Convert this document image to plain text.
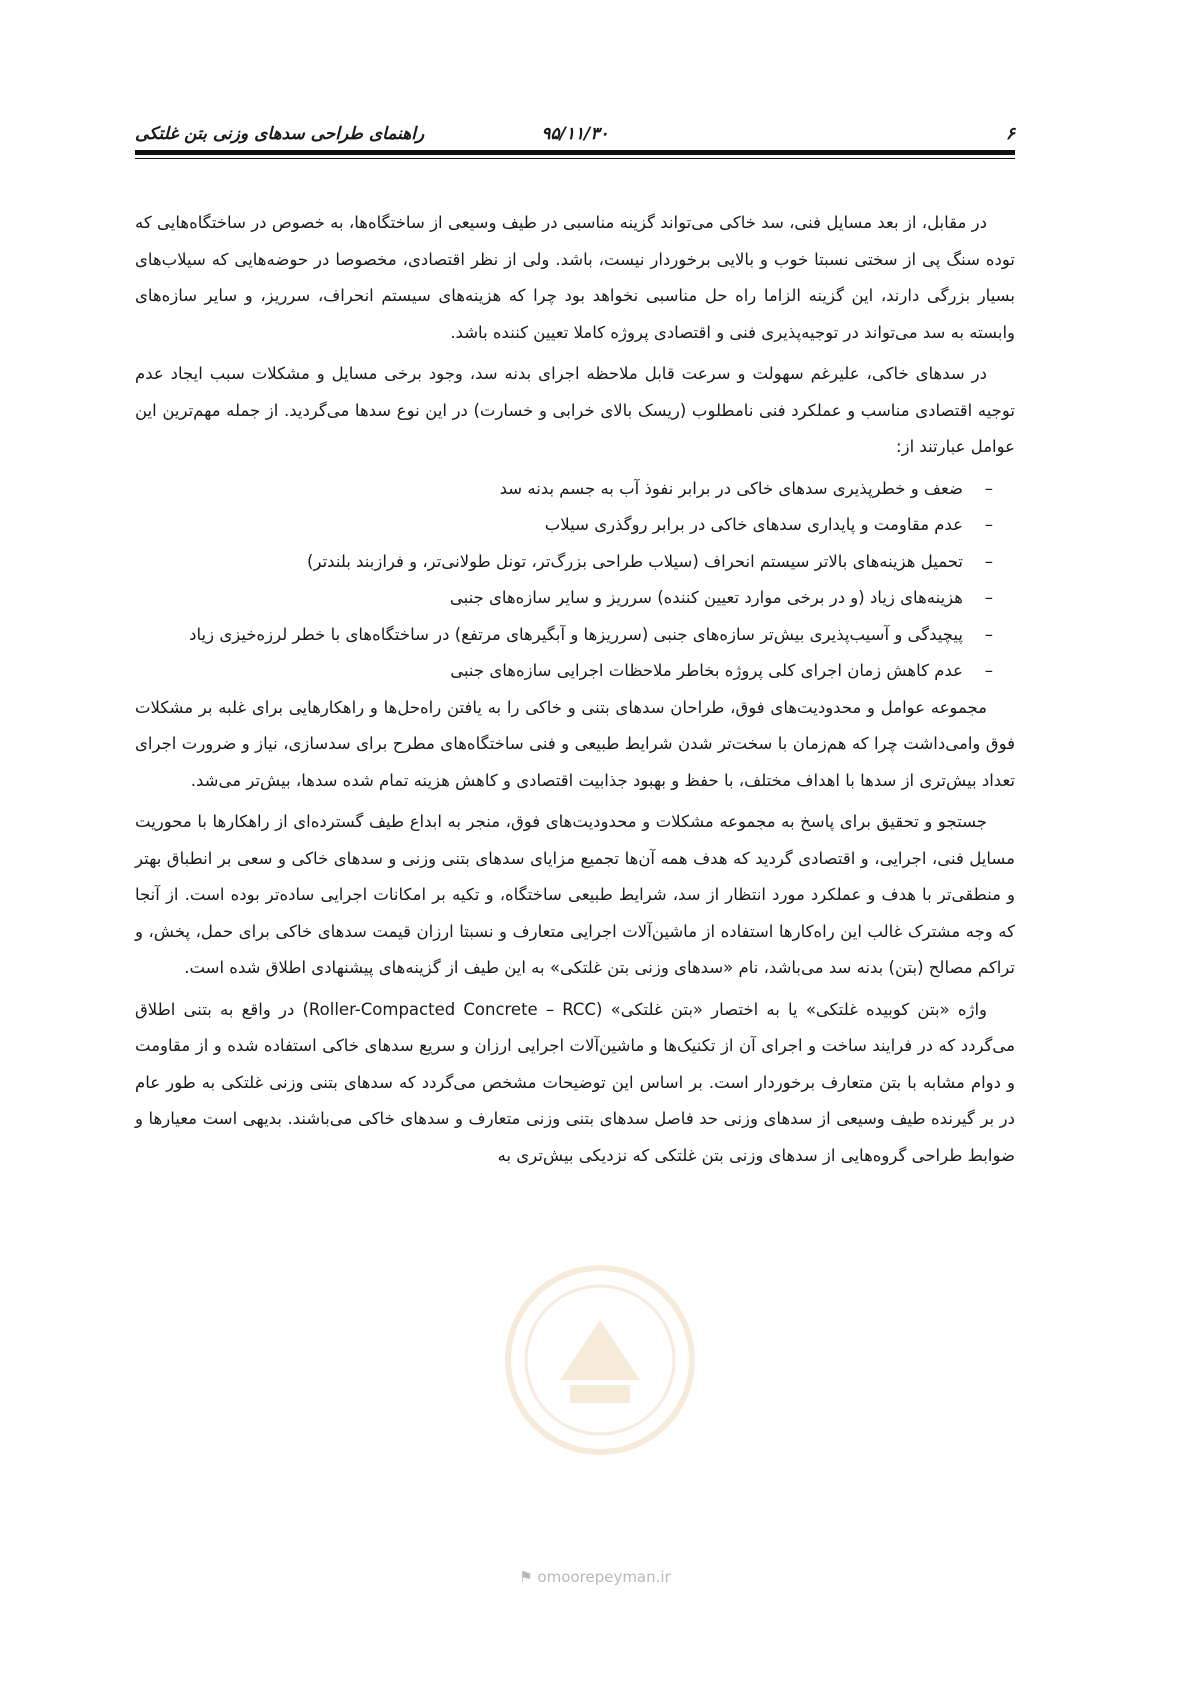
۶
۹۵/۱۱/۳۰
راهنمای طراحی سدهای وزنی بتن غلتکی

در مقابل، از بعد مسایل فنی، سد خاکی می‌تواند گزینه مناسبی در طیف وسیعی از ساختگاه‌ها، به خصوص در ساختگاه‌هایی که توده سنگ پی از سختی نسبتا خوب و بالایی برخوردار نیست، باشد. ولی از نظر اقتصادی، مخصوصا در حوضه‌هایی که سیلاب‌های بسیار بزرگی دارند، این گزینه الزاما راه حل مناسبی نخواهد بود چرا که هزینه‌های سیستم انحراف، سرریز، و سایر سازه‌های وابسته به سد می‌تواند در توجیه‌پذیری فنی و اقتصادی پروژه کاملا تعیین کننده باشد.

در سدهای خاکی، علیرغم سهولت و سرعت قابل ملاحظه اجرای بدنه سد، وجود برخی مسایل و مشکلات سبب ایجاد عدم توجیه اقتصادی مناسب و عملکرد فنی نامطلوب (ریسک بالای خرابی و خسارت) در این نوع سدها می‌گردید. از جمله مهم‌ترین این عوامل عبارتند از:

–
ضعف و خطرپذیری سدهای خاکی در برابر نفوذ آب به جسم بدنه سد
–
عدم مقاومت و پایداری سدهای خاکی در برابر روگذری سیلاب
–
تحمیل هزینه‌های بالاتر سیستم انحراف (سیلاب طراحی بزرگ‌تر، تونل طولانی‌تر، و فرازبند بلندتر)
–
هزینه‌های زیاد (و در برخی موارد تعیین کننده) سرریز و سایر سازه‌های جنبی
–
پیچیدگی و آسیب‌پذیری بیش‌تر سازه‌های جنبی (سرریزها و آبگیرهای مرتفع) در ساختگاه‌های با خطر لرزه‌خیزی زیاد
–
عدم کاهش زمان اجرای کلی پروژه بخاطر ملاحظات اجرایی سازه‌های جنبی

مجموعه عوامل و محدودیت‌های فوق، طراحان سدهای بتنی و خاکی را به یافتن راه‌حل‌ها و راهکارهایی برای غلبه بر مشکلات فوق وامی‌داشت چرا که هم‌زمان با سخت‌تر شدن شرایط طبیعی و فنی ساختگاه‌های مطرح برای سدسازی، نیاز و ضرورت اجرای تعداد بیش‌تری از سدها با اهداف مختلف، با حفظ و بهبود جذابیت اقتصادی و کاهش هزینه تمام شده سدها، بیش‌تر می‌شد.

جستجو و تحقیق برای پاسخ به مجموعه مشکلات و محدودیت‌های فوق، منجر به ابداع طیف گسترده‌ای از راهکارها با محوریت مسایل فنی، اجرایی، و اقتصادی گردید که هدف همه آن‌ها تجمیع مزایای سدهای بتنی وزنی و سدهای خاکی و سعی بر انطباق بهتر و منطقی‌تر با هدف و عملکرد مورد انتظار از سد، شرایط طبیعی ساختگاه، و تکیه بر امکانات اجرایی ساده‌تر بوده است. از آنجا که وجه مشترک غالب این راه‌کارها استفاده از ماشین‌آلات اجرایی متعارف و نسبتا ارزان قیمت سدهای خاکی برای حمل، پخش، و تراکم مصالح (بتن) بدنه سد می‌باشد، نام «سدهای وزنی بتن غلتکی» به این طیف از گزینه‌های پیشنهادی اطلاق شده است.

واژه «بتن کوبیده غلتکی» یا به اختصار «بتن غلتکی» (Roller-Compacted Concrete – RCC) در واقع به بتنی اطلاق می‌گردد که در فرایند ساخت و اجرای آن از تکنیک‌ها و ماشین‌آلات اجرایی ارزان و سریع سدهای خاکی استفاده شده و از مقاومت و دوام مشابه با بتن متعارف برخوردار است. بر اساس این توضیحات مشخص می‌گردد که سدهای بتنی وزنی غلتکی به طور عام در بر گیرنده طیف وسیعی از سدهای وزنی حد فاصل سدهای بتنی وزنی متعارف و سدهای خاکی می‌باشند. بدیهی است معیارها و ضوابط طراحی گروه‌هایی از سدهای وزنی بتن غلتکی که نزدیکی بیش‌تری به

⚑ omoorepeyman.ir
